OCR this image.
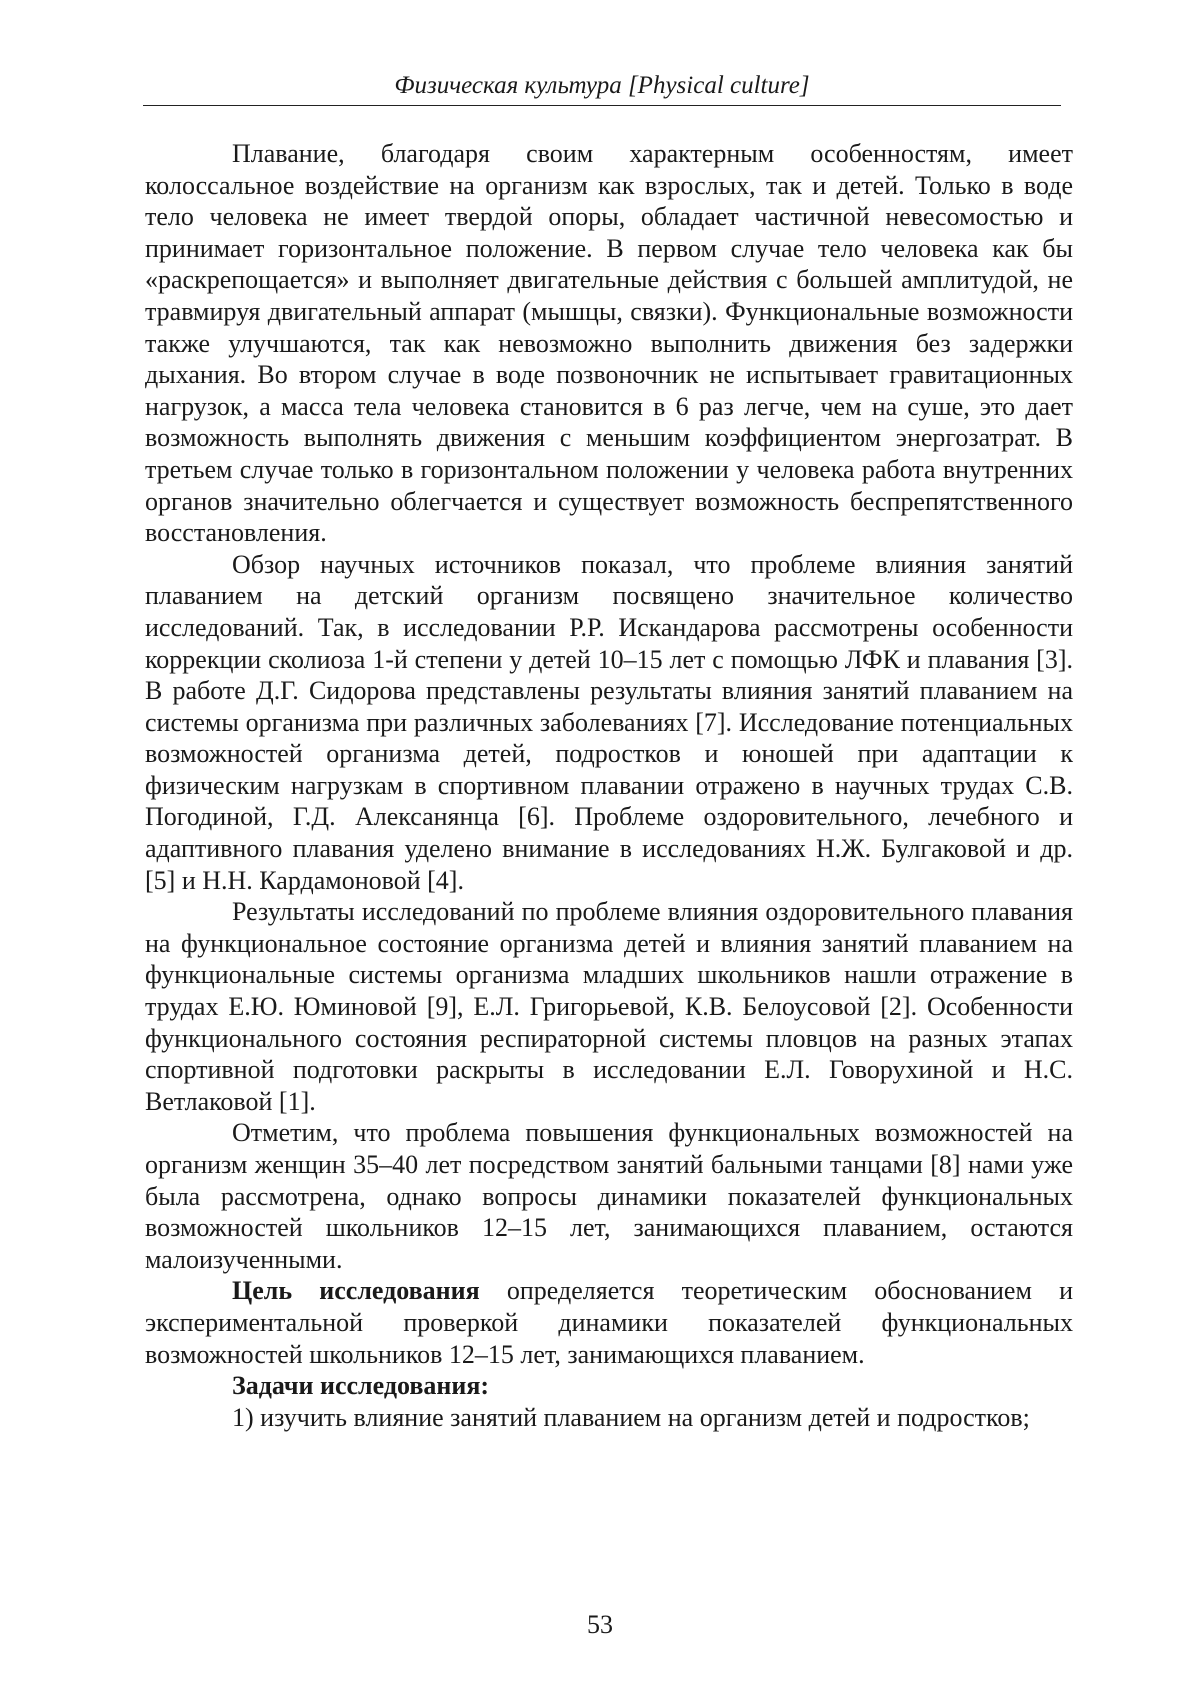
Физическая культура [Physical culture]

Плавание, благодаря своим характерным особенностям, имеет колоссальное воздействие на организм как взрослых, так и детей. Только в воде тело человека не имеет твердой опоры, обладает частичной невесомостью и принимает горизонтальное положение. В первом случае тело человека как бы «раскрепощается» и выполняет двигательные действия с большей амплитудой, не травмируя двигательный аппарат (мышцы, связки). Функциональные возможности также улучшаются, так как невозможно выполнить движения без задержки дыхания. Во втором случае в воде позвоночник не испытывает гравитационных нагрузок, а масса тела человека становится в 6 раз легче, чем на суше, это дает возможность выполнять движения с меньшим коэффициентом энергозатрат. В третьем случае только в горизонтальном положении у человека работа внутренних органов значительно облегчается и существует возможность беспрепятственного восстановления.

Обзор научных источников показал, что проблеме влияния занятий плаванием на детский организм посвящено значительное количество исследований. Так, в исследовании Р.Р. Искандарова рассмотрены особенности коррекции сколиоза 1-й степени у детей 10–15 лет с помощью ЛФК и плавания [3]. В работе Д.Г. Сидорова представлены результаты влияния занятий плаванием на системы организма при различных заболеваниях [7]. Исследование потенциальных возможностей организма детей, подростков и юношей при адаптации к физическим нагрузкам в спортивном плавании отражено в научных трудах С.В. Погодиной, Г.Д. Алексанянца [6]. Проблеме оздоровительного, лечебного и адаптивного плавания уделено внимание в исследованиях Н.Ж. Булгаковой и др. [5] и Н.Н. Кардамоновой [4].

Результаты исследований по проблеме влияния оздоровительного плавания на функциональное состояние организма детей и влияния занятий плаванием на функциональные системы организма младших школьников нашли отражение в трудах Е.Ю. Юминовой [9], Е.Л. Григорьевой, К.В. Белоусовой [2]. Особенности функционального состояния респираторной системы пловцов на разных этапах спортивной подготовки раскрыты в исследовании Е.Л. Говорухиной и Н.С. Ветлаковой [1].

Отметим, что проблема повышения функциональных возможностей на организм женщин 35–40 лет посредством занятий бальными танцами [8] нами уже была рассмотрена, однако вопросы динамики показателей функциональных возможностей школьников 12–15 лет, занимающихся плаванием, остаются малоизученными.

Цель исследования определяется теоретическим обоснованием и экспериментальной проверкой динамики показателей функциональных возможностей школьников 12–15 лет, занимающихся плаванием.

Задачи исследования:

1) изучить влияние занятий плаванием на организм детей и подростков;

53
